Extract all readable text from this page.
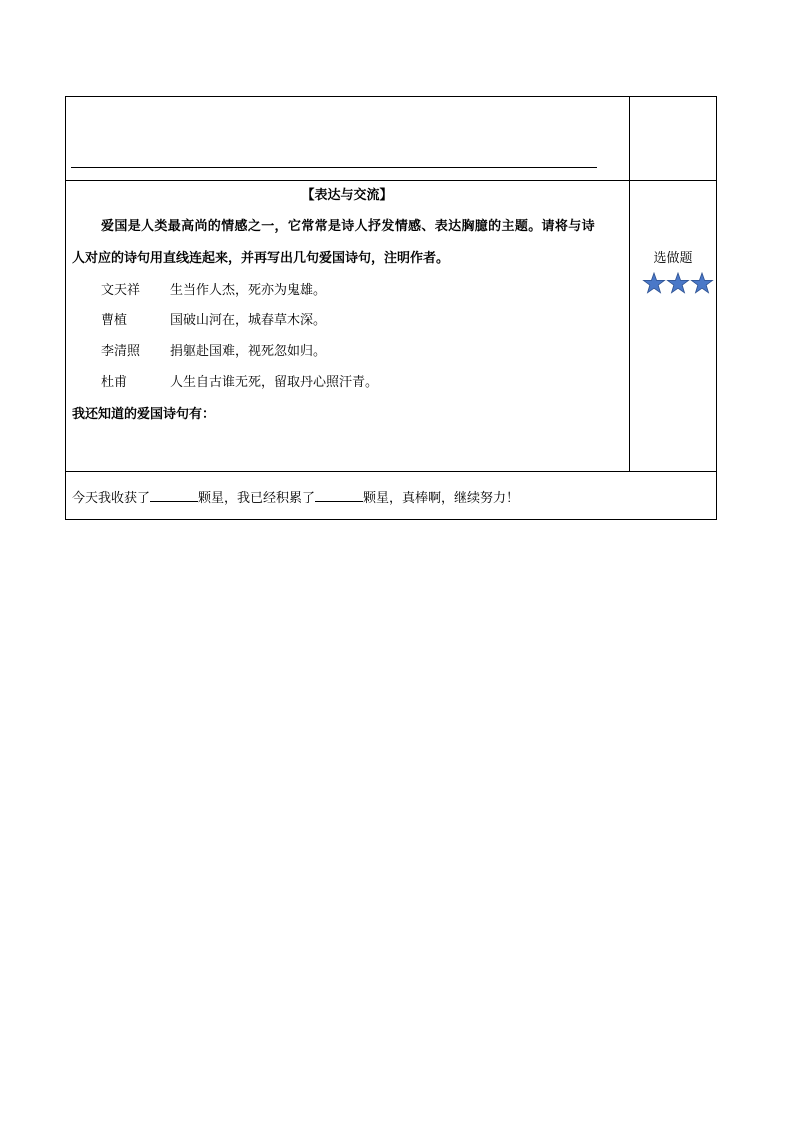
【表达与交流】
爱国是人类最高尚的情感之一，它常常是诗人抒发情感、表达胸臆的主题。请将与诗
人对应的诗句用直线连起来，并再写出几句爱国诗句，注明作者。
文天祥 生当作人杰，死亦为鬼雄。
曹植	国破山河在，城春草木深。
李清照 捐躯赴国难，视死忽如归。
杜甫	人生自古谁无死，留取丹心照汗青。
我还知道的爱国诗句有：
选做题
今天我收获了	颗星，我已经积累了	颗星，真棒啊，继续努力！
